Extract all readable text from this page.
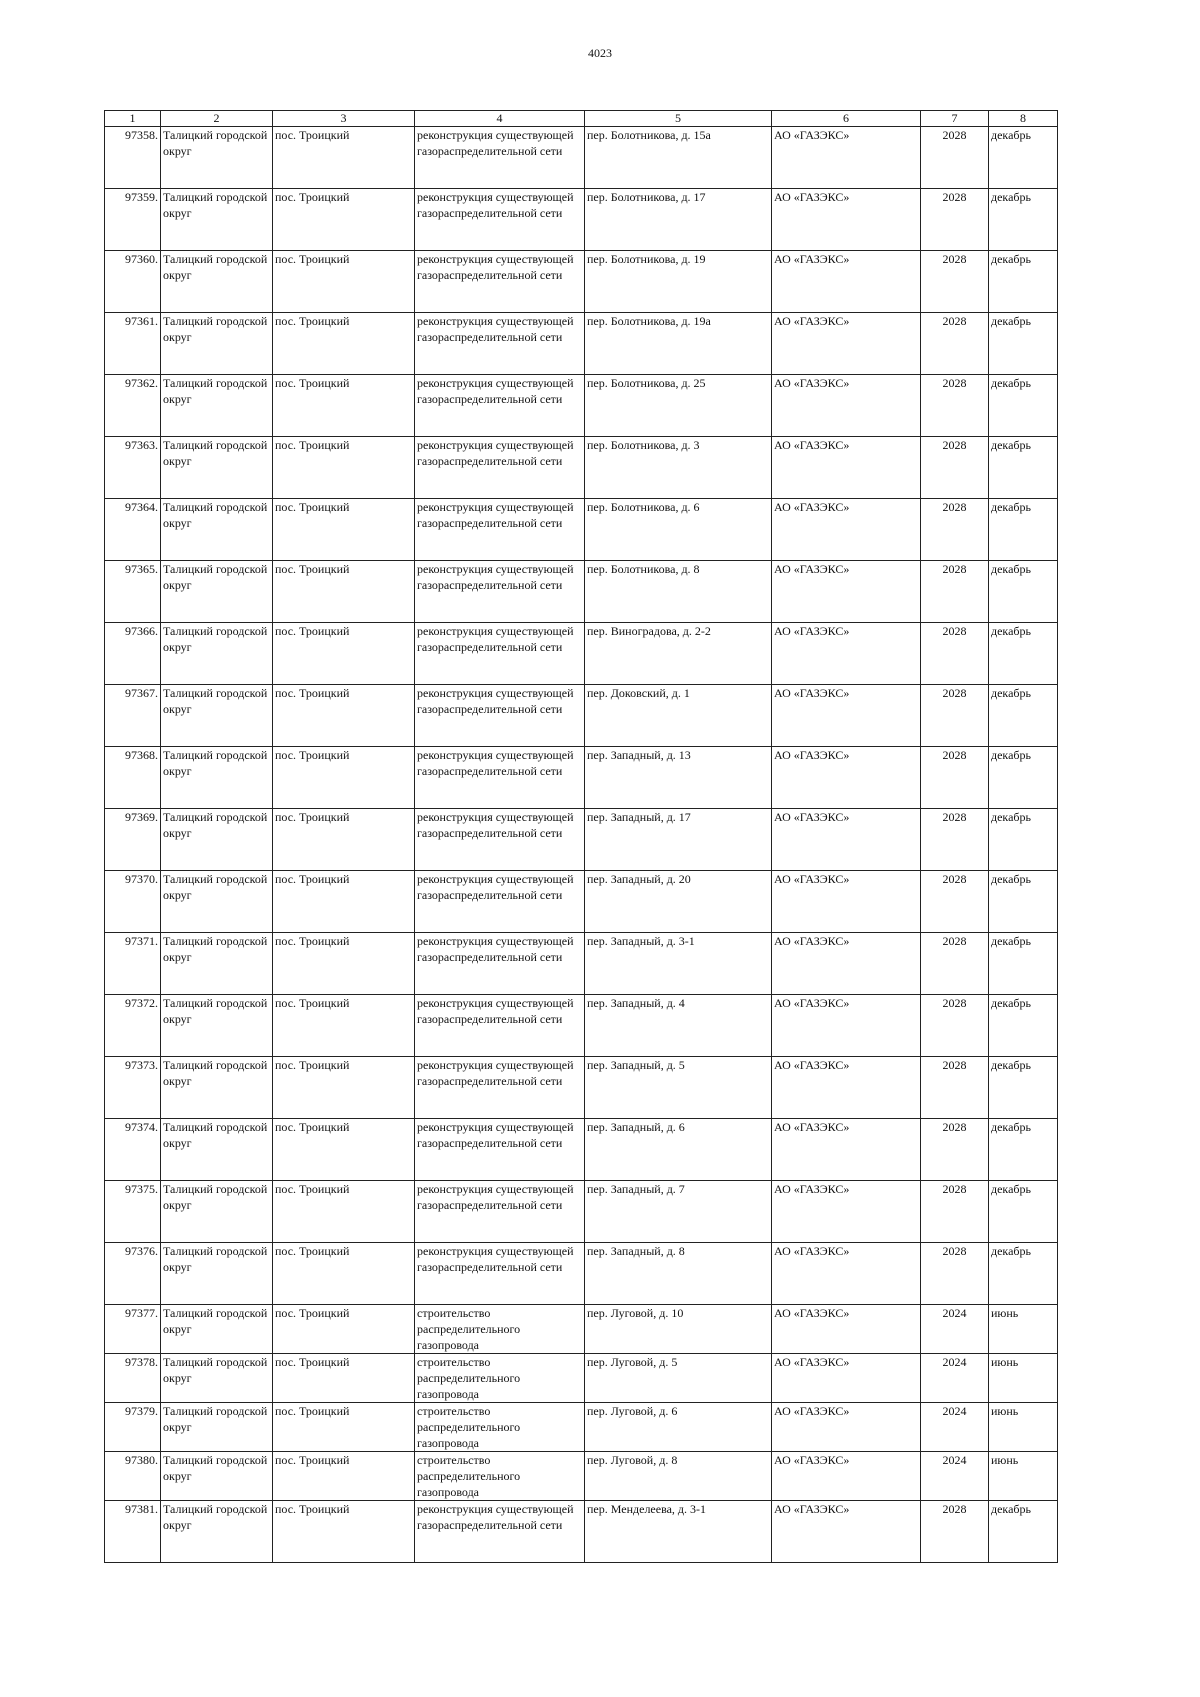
4023
1	2	3	4	5	6	7	8
97358.	Талицкий городской округ	пос. Троицкий	реконструкция существующей газораспределительной сети	пер. Болотникова, д. 15а	АО «ГАЗЭКС»	2028	декабрь
97359.	Талицкий городской округ	пос. Троицкий	реконструкция существующей газораспределительной сети	пер. Болотникова, д. 17	АО «ГАЗЭКС»	2028	декабрь
97360.	Талицкий городской округ	пос. Троицкий	реконструкция существующей газораспределительной сети	пер. Болотникова, д. 19	АО «ГАЗЭКС»	2028	декабрь
97361.	Талицкий городской округ	пос. Троицкий	реконструкция существующей газораспределительной сети	пер. Болотникова, д. 19а	АО «ГАЗЭКС»	2028	декабрь
97362.	Талицкий городской округ	пос. Троицкий	реконструкция существующей газораспределительной сети	пер. Болотникова, д. 25	АО «ГАЗЭКС»	2028	декабрь
97363.	Талицкий городской округ	пос. Троицкий	реконструкция существующей газораспределительной сети	пер. Болотникова, д. 3	АО «ГАЗЭКС»	2028	декабрь
97364.	Талицкий городской округ	пос. Троицкий	реконструкция существующей газораспределительной сети	пер. Болотникова, д. 6	АО «ГАЗЭКС»	2028	декабрь
97365.	Талицкий городской округ	пос. Троицкий	реконструкция существующей газораспределительной сети	пер. Болотникова, д. 8	АО «ГАЗЭКС»	2028	декабрь
97366.	Талицкий городской округ	пос. Троицкий	реконструкция существующей газораспределительной сети	пер. Виноградова, д. 2-2	АО «ГАЗЭКС»	2028	декабрь
97367.	Талицкий городской округ	пос. Троицкий	реконструкция существующей газораспределительной сети	пер. Доковский, д. 1	АО «ГАЗЭКС»	2028	декабрь
97368.	Талицкий городской округ	пос. Троицкий	реконструкция существующей газораспределительной сети	пер. Западный, д. 13	АО «ГАЗЭКС»	2028	декабрь
97369.	Талицкий городской округ	пос. Троицкий	реконструкция существующей газораспределительной сети	пер. Западный, д. 17	АО «ГАЗЭКС»	2028	декабрь
97370.	Талицкий городской округ	пос. Троицкий	реконструкция существующей газораспределительной сети	пер. Западный, д. 20	АО «ГАЗЭКС»	2028	декабрь
97371.	Талицкий городской округ	пос. Троицкий	реконструкция существующей газораспределительной сети	пер. Западный, д. 3-1	АО «ГАЗЭКС»	2028	декабрь
97372.	Талицкий городской округ	пос. Троицкий	реконструкция существующей газораспределительной сети	пер. Западный, д. 4	АО «ГАЗЭКС»	2028	декабрь
97373.	Талицкий городской округ	пос. Троицкий	реконструкция существующей газораспределительной сети	пер. Западный, д. 5	АО «ГАЗЭКС»	2028	декабрь
97374.	Талицкий городской округ	пос. Троицкий	реконструкция существующей газораспределительной сети	пер. Западный, д. 6	АО «ГАЗЭКС»	2028	декабрь
97375.	Талицкий городской округ	пос. Троицкий	реконструкция существующей газораспределительной сети	пер. Западный, д. 7	АО «ГАЗЭКС»	2028	декабрь
97376.	Талицкий городской округ	пос. Троицкий	реконструкция существующей газораспределительной сети	пер. Западный, д. 8	АО «ГАЗЭКС»	2028	декабрь
97377.	Талицкий городской округ	пос. Троицкий	строительство распределительного газопровода	пер. Луговой, д. 10	АО «ГАЗЭКС»	2024	июнь
97378.	Талицкий городской округ	пос. Троицкий	строительство распределительного газопровода	пер. Луговой, д. 5	АО «ГАЗЭКС»	2024	июнь
97379.	Талицкий городской округ	пос. Троицкий	строительство распределительного газопровода	пер. Луговой, д. 6	АО «ГАЗЭКС»	2024	июнь
97380.	Талицкий городской округ	пос. Троицкий	строительство распределительного газопровода	пер. Луговой, д. 8	АО «ГАЗЭКС»	2024	июнь
97381.	Талицкий городской округ	пос. Троицкий	реконструкция существующей газораспределительной сети	пер. Менделеева, д. 3-1	АО «ГАЗЭКС»	2028	декабрь
